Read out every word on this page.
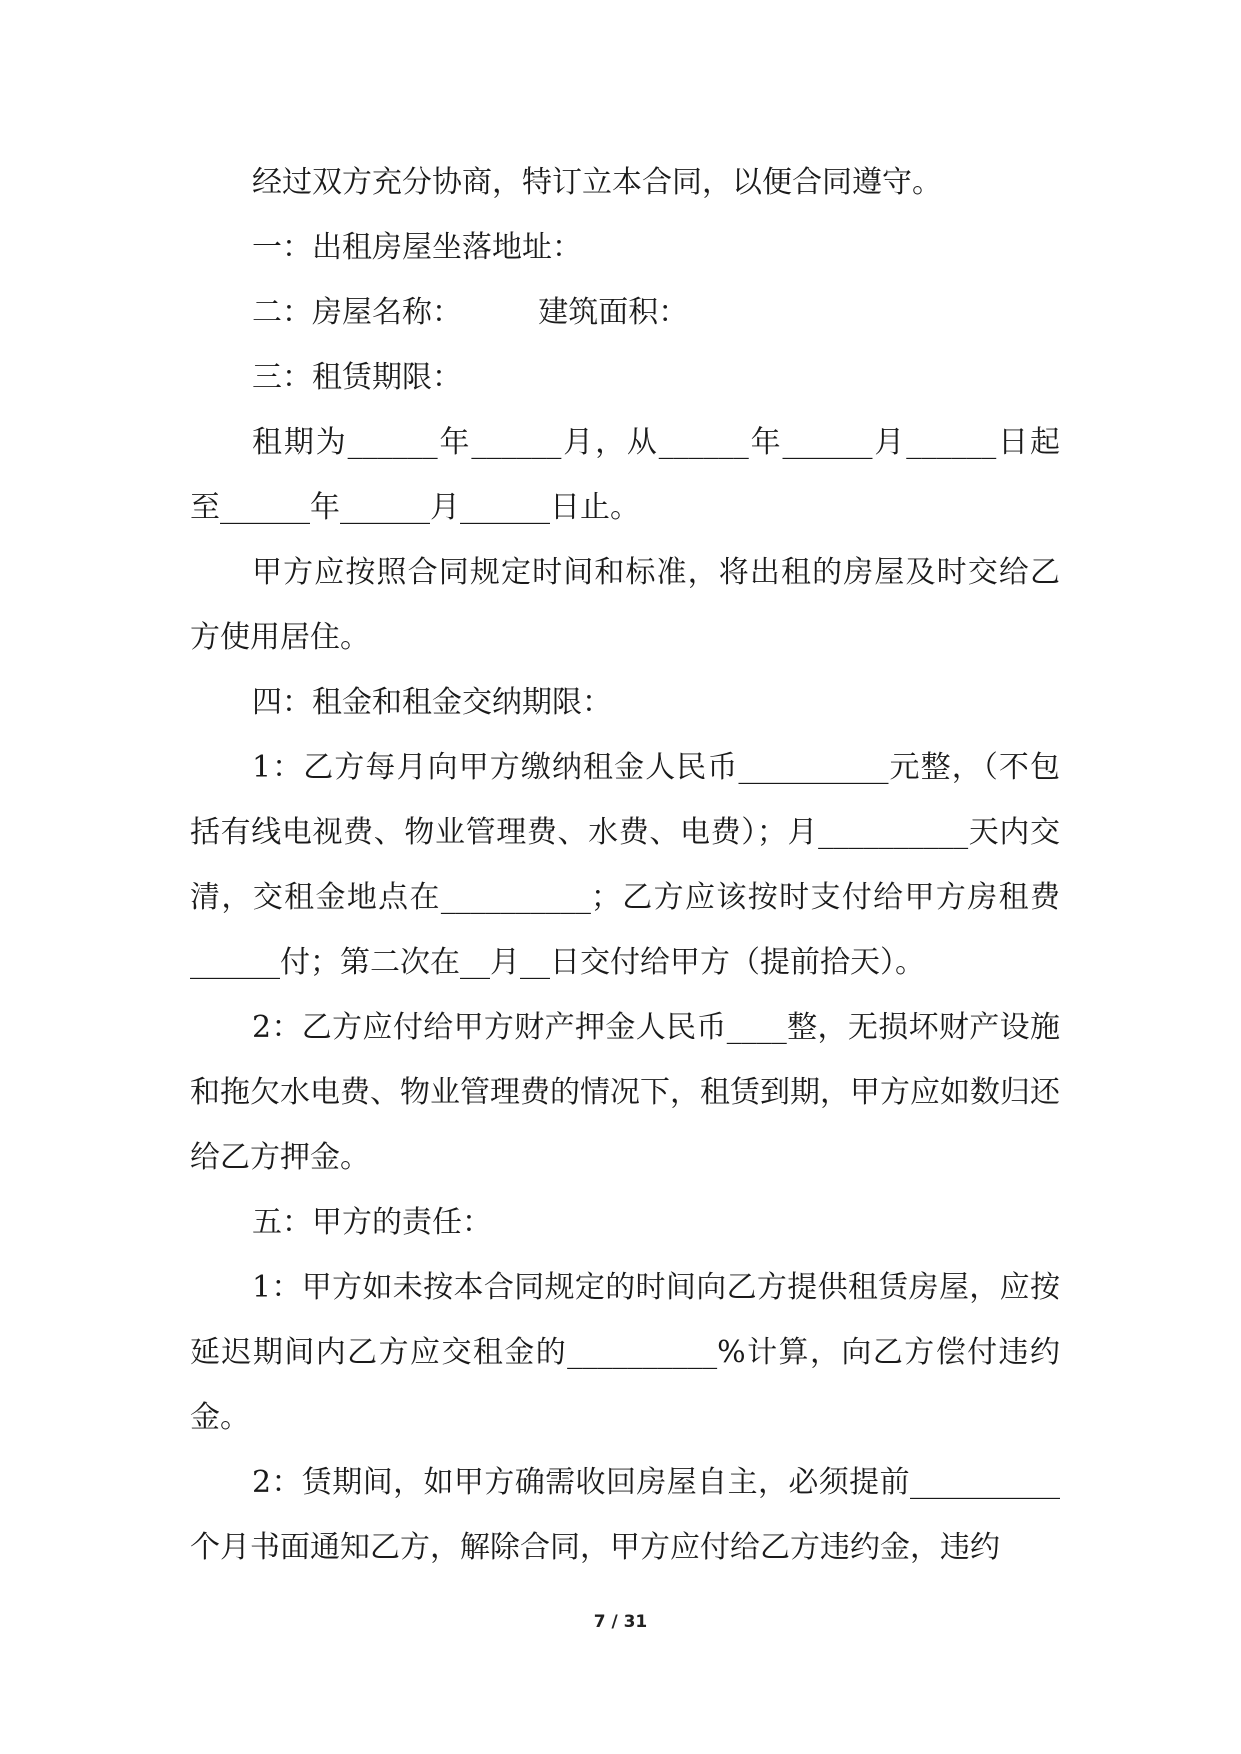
经过双方充分协商，特订立本合同，以便合同遵守。

一：出租房屋坐落地址：

二：房屋名称：        建筑面积：

三：租赁期限：

租期为______年______月，从______年______月______日起至______年______月______日止。

甲方应按照合同规定时间和标准，将出租的房屋及时交给乙方使用居住。

四：租金和租金交纳期限：

1：乙方每月向甲方缴纳租金人民币__________元整，（不包括有线电视费、物业管理费、水费、电费）；月__________天内交清，交租金地点在__________；乙方应该按时支付给甲方房租费______付；第二次在__月__日交付给甲方（提前拾天）。

2：乙方应付给甲方财产押金人民币____整，无损坏财产设施和拖欠水电费、物业管理费的情况下，租赁到期，甲方应如数归还给乙方押金。

五：甲方的责任：

1：甲方如未按本合同规定的时间向乙方提供租赁房屋，应按延迟期间内乙方应交租金的__________%计算，向乙方偿付违约金。

2：赁期间，如甲方确需收回房屋自主，必须提前__________个月书面通知乙方，解除合同，甲方应付给乙方违约金，违约

7 / 31
